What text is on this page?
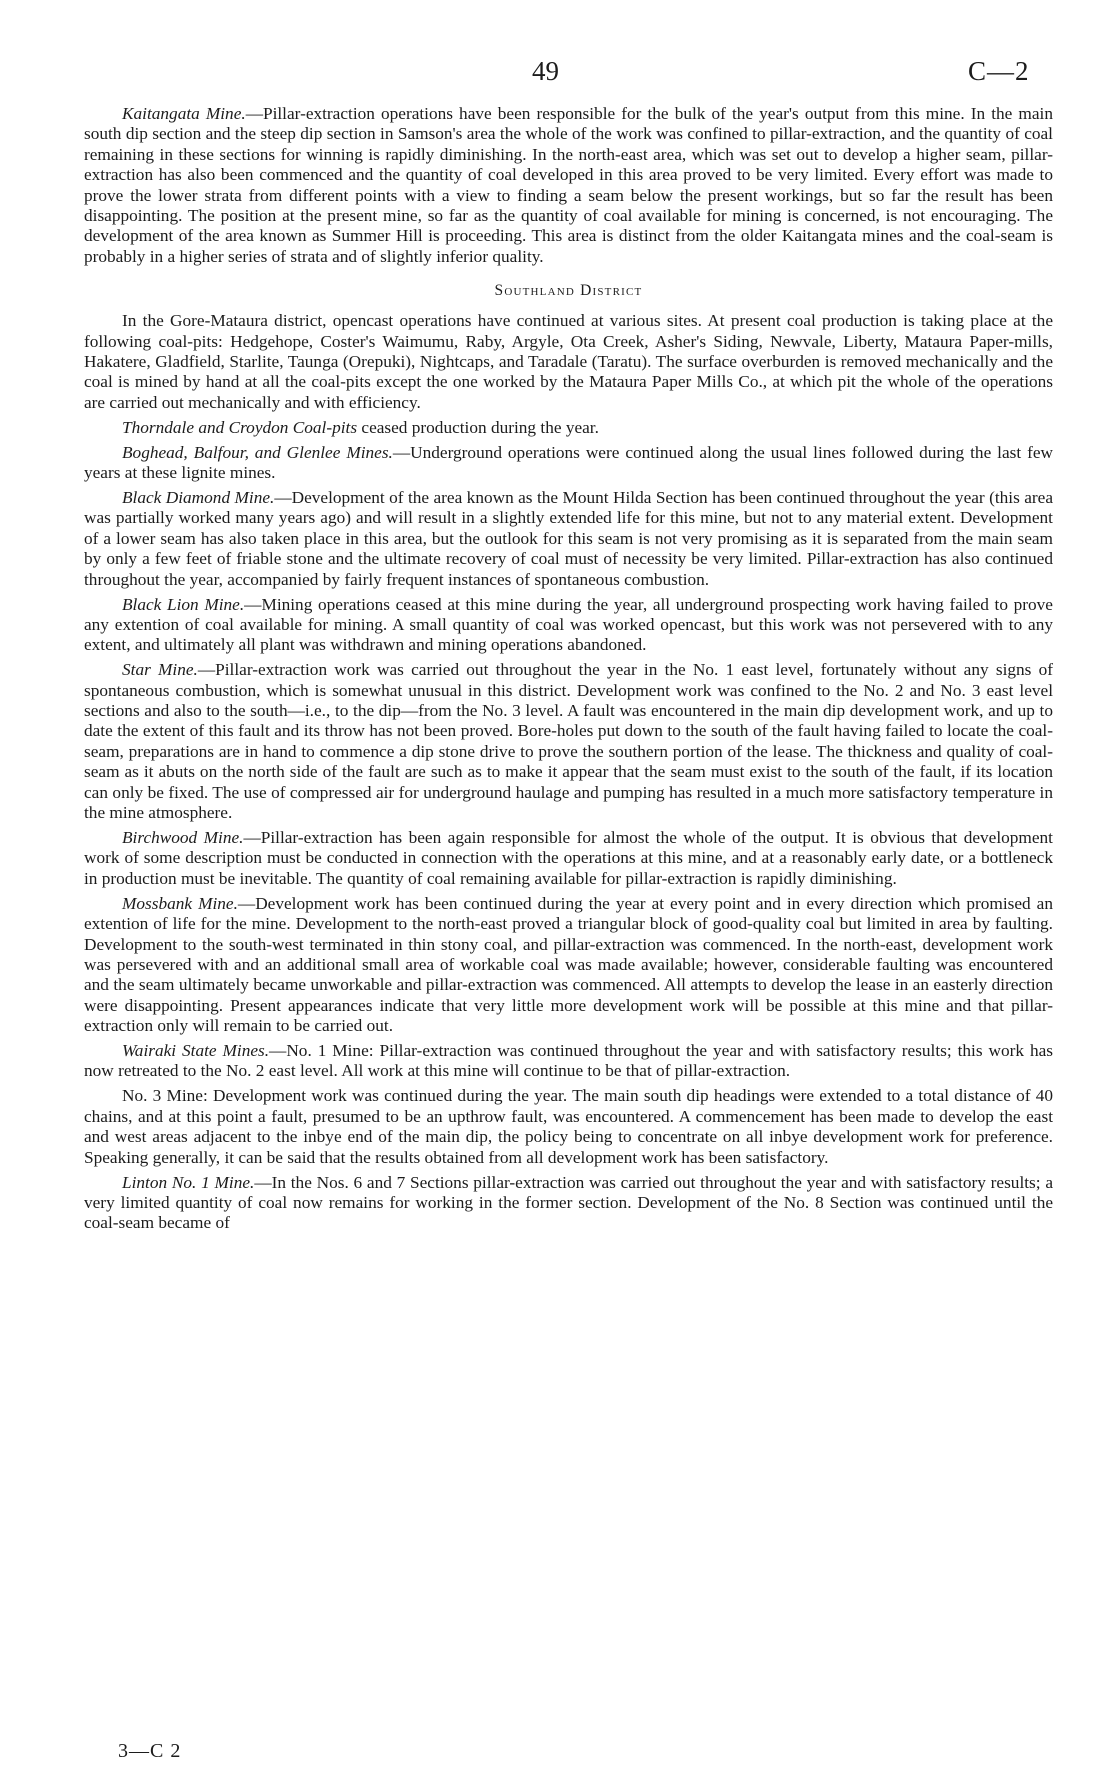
49	C—2

Kaitangata Mine.—Pillar-extraction operations have been responsible for the bulk of the year's output from this mine. In the main south dip section and the steep dip section in Samson's area the whole of the work was confined to pillar-extraction, and the quantity of coal remaining in these sections for winning is rapidly diminishing. In the north-east area, which was set out to develop a higher seam, pillar-extraction has also been commenced and the quantity of coal developed in this area proved to be very limited. Every effort was made to prove the lower strata from different points with a view to finding a seam below the present workings, but so far the result has been disappointing. The position at the present mine, so far as the quantity of coal available for mining is concerned, is not encouraging. The development of the area known as Summer Hill is proceeding. This area is distinct from the older Kaitangata mines and the coal-seam is probably in a higher series of strata and of slightly inferior quality.

Southland District

In the Gore-Mataura district, opencast operations have continued at various sites. At present coal production is taking place at the following coal-pits: Hedgehope, Coster's Waimumu, Raby, Argyle, Ota Creek, Asher's Siding, Newvale, Liberty, Mataura Paper-mills, Hakatere, Gladfield, Starlite, Taunga (Orepuki), Nightcaps, and Taradale (Taratu). The surface overburden is removed mechanically and the coal is mined by hand at all the coal-pits except the one worked by the Mataura Paper Mills Co., at which pit the whole of the operations are carried out mechanically and with efficiency.

Thorndale and Croydon Coal-pits ceased production during the year.

Boghead, Balfour, and Glenlee Mines.—Underground operations were continued along the usual lines followed during the last few years at these lignite mines.

Black Diamond Mine.—Development of the area known as the Mount Hilda Section has been continued throughout the year (this area was partially worked many years ago) and will result in a slightly extended life for this mine, but not to any material extent. Development of a lower seam has also taken place in this area, but the outlook for this seam is not very promising as it is separated from the main seam by only a few feet of friable stone and the ultimate recovery of coal must of necessity be very limited. Pillar-extraction has also continued throughout the year, accompanied by fairly frequent instances of spontaneous combustion.

Black Lion Mine.—Mining operations ceased at this mine during the year, all underground prospecting work having failed to prove any extention of coal available for mining. A small quantity of coal was worked opencast, but this work was not persevered with to any extent, and ultimately all plant was withdrawn and mining operations abandoned.

Star Mine.—Pillar-extraction work was carried out throughout the year in the No. 1 east level, fortunately without any signs of spontaneous combustion, which is somewhat unusual in this district. Development work was confined to the No. 2 and No. 3 east level sections and also to the south—i.e., to the dip—from the No. 3 level. A fault was encountered in the main dip development work, and up to date the extent of this fault and its throw has not been proved. Bore-holes put down to the south of the fault having failed to locate the coal-seam, preparations are in hand to commence a dip stone drive to prove the southern portion of the lease. The thickness and quality of coal-seam as it abuts on the north side of the fault are such as to make it appear that the seam must exist to the south of the fault, if its location can only be fixed. The use of compressed air for underground haulage and pumping has resulted in a much more satisfactory temperature in the mine atmosphere.

Birchwood Mine.—Pillar-extraction has been again responsible for almost the whole of the output. It is obvious that development work of some description must be conducted in connection with the operations at this mine, and at a reasonably early date, or a bottleneck in production must be inevitable. The quantity of coal remaining available for pillar-extraction is rapidly diminishing.

Mossbank Mine.—Development work has been continued during the year at every point and in every direction which promised an extention of life for the mine. Development to the north-east proved a triangular block of good-quality coal but limited in area by faulting. Development to the south-west terminated in thin stony coal, and pillar-extraction was commenced. In the north-east, development work was persevered with and an additional small area of workable coal was made available; however, considerable faulting was encountered and the seam ultimately became unworkable and pillar-extraction was commenced. All attempts to develop the lease in an easterly direction were disappointing. Present appearances indicate that very little more development work will be possible at this mine and that pillar-extraction only will remain to be carried out.

Wairaki State Mines.—No. 1 Mine: Pillar-extraction was continued throughout the year and with satisfactory results; this work has now retreated to the No. 2 east level. All work at this mine will continue to be that of pillar-extraction.

No. 3 Mine: Development work was continued during the year. The main south dip headings were extended to a total distance of 40 chains, and at this point a fault, presumed to be an upthrow fault, was encountered. A commencement has been made to develop the east and west areas adjacent to the inbye end of the main dip, the policy being to concentrate on all inbye development work for preference. Speaking generally, it can be said that the results obtained from all development work has been satisfactory.

Linton No. 1 Mine.—In the Nos. 6 and 7 Sections pillar-extraction was carried out throughout the year and with satisfactory results; a very limited quantity of coal now remains for working in the former section. Development of the No. 8 Section was continued until the coal-seam became of

3—C 2
